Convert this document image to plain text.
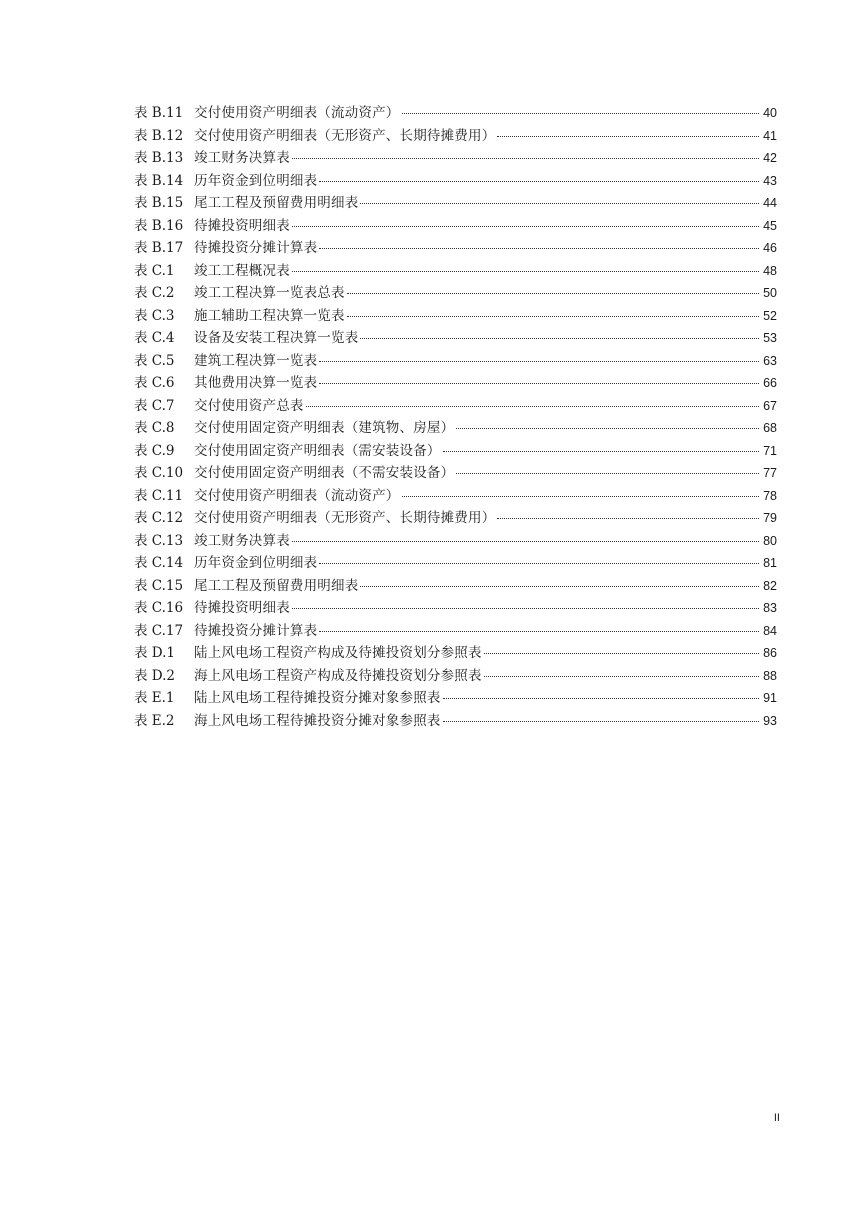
表 B.11 交付使用资产明细表（流动资产）	40
表 B.12 交付使用资产明细表（无形资产、长期待摊费用）	41
表 B.13 竣工财务决算表	42
表 B.14 历年资金到位明细表	43
表 B.15 尾工工程及预留费用明细表	44
表 B.16 待摊投资明细表	45
表 B.17 待摊投资分摊计算表	46
表 C.1	竣工工程概况表	48
表 C.2	竣工工程决算一览表总表	50
表 C.3	施工辅助工程决算一览表	52
表 C.4	设备及安装工程决算一览表	53
表 C.5	建筑工程决算一览表	63
表 C.6	其他费用决算一览表	66
表 C.7	交付使用资产总表	67
表 C.8	交付使用固定资产明细表（建筑物、房屋）	68
表 C.9	交付使用固定资产明细表（需安装设备）	71
表 C.10 交付使用固定资产明细表（不需安装设备）	77
表 C.11 交付使用资产明细表（流动资产）	78
表 C.12 交付使用资产明细表（无形资产、长期待摊费用）	79
表 C.13 竣工财务决算表	80
表 C.14 历年资金到位明细表	81
表 C.15 尾工工程及预留费用明细表	82
表 C.16 待摊投资明细表	83
表 C.17 待摊投资分摊计算表	84
表 D.1	陆上风电场工程资产构成及待摊投资划分参照表	86
表 D.2	海上风电场工程资产构成及待摊投资划分参照表	88
表 E.1	陆上风电场工程待摊投资分摊对象参照表	91
表 E.2	海上风电场工程待摊投资分摊对象参照表	93
II
